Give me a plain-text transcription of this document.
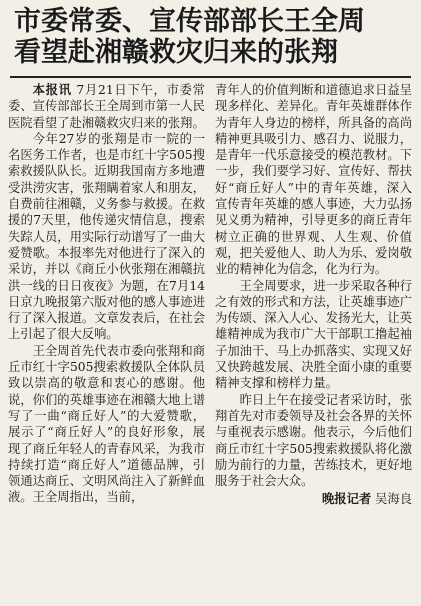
市委常委、宣传部部长王全周
看望赴湘赣救灾归来的张翔

本报讯 7月21日下午，市委常委、宣传部部长王全周到市第一人民医院看望了赴湘赣救灾归来的张翔。

今年27岁的张翔是市一院的一名医务工作者，也是市红十字505搜索救援队队长。近期我国南方多地遭受洪涝灾害，张翔瞒着家人和朋友，自费前往湘赣，义务参与救援。在救援的7天里，他传递灾情信息，搜索失踪人员，用实际行动谱写了一曲大爱赞歌。本报率先对他进行了深入的采访，并以《商丘小伙张翔在湘赣抗洪一线的日日夜夜》为题，在7月14日京九晚报第六版对他的感人事迹进行了深入报道。文章发表后，在社会上引起了很大反响。

王全周首先代表市委向张翔和商丘市红十字505搜索救援队全体队员致以崇高的敬意和衷心的感谢。他说，你们的英雄事迹在湘赣大地上谱写了一曲“商丘好人”的大爱赞歌，展示了“商丘好人”的良好形象，展现了商丘年轻人的青春风采，为我市持续打造“商丘好人”道德品牌，引领通达商丘、文明风尚注入了新鲜血液。王全周指出，当前，

青年人的价值判断和道德追求日益呈现多样化、差异化。青年英雄群体作为青年人身边的榜样，所具备的高尚精神更具吸引力、感召力、说服力，是青年一代乐意接受的模范教材。下一步，我们要学习好、宣传好、帮扶好“商丘好人”中的青年英雄，深入宣传青年英雄的感人事迹，大力弘扬见义勇为精神，引导更多的商丘青年树立正确的世界观、人生观、价值观，把关爱他人、助人为乐、爱岗敬业的精神化为信念，化为行为。

王全周要求，进一步采取各种行之有效的形式和方法，让英雄事迹广为传颂、深入人心、发扬光大，让英雄精神成为我市广大干部职工撸起袖子加油干、马上办抓落实、实现又好又快跨越发展、决胜全面小康的重要精神支撑和榜样力量。

昨日上午在接受记者采访时，张翔首先对市委领导及社会各界的关怀与重视表示感谢。他表示，今后他们商丘市红十字505搜索救援队将化激励为前行的力量，苦练技术，更好地服务于社会大众。

晚报记者 吴海良
